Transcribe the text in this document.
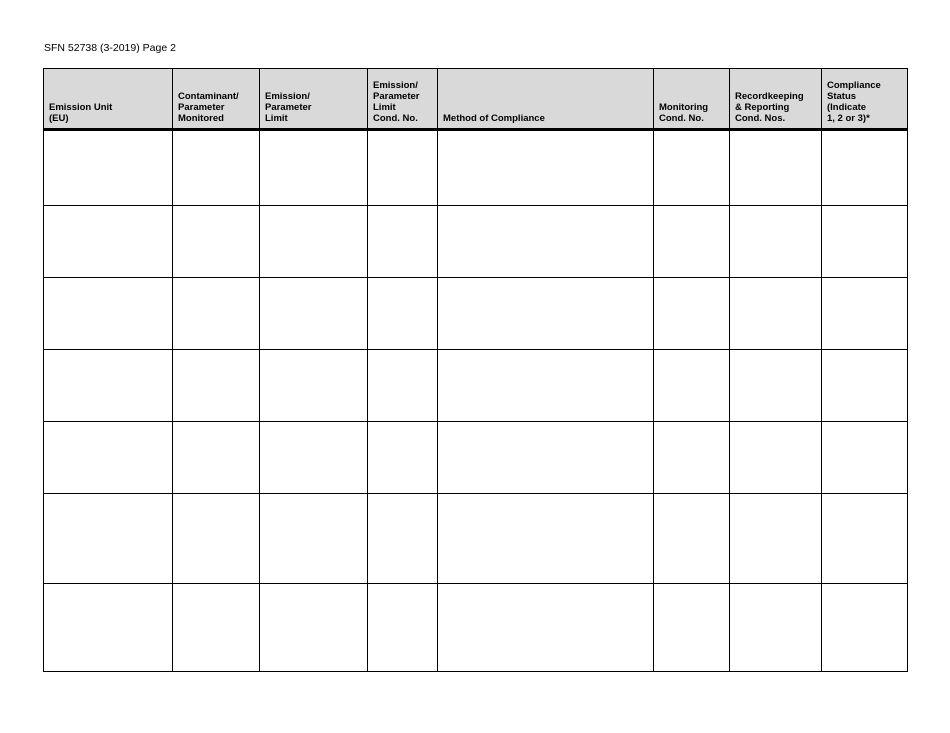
SFN 52738 (3-2019) Page 2
Emission Unit
(EU)	Contaminant/
Parameter
Monitored	Emission/
Parameter
Limit	Emission/
Parameter
Limit
Cond. No.	Method of Compliance	Monitoring
Cond. No.	Recordkeeping
& Reporting
Cond. Nos.	Compliance
Status
(Indicate
1, 2 or 3)*
